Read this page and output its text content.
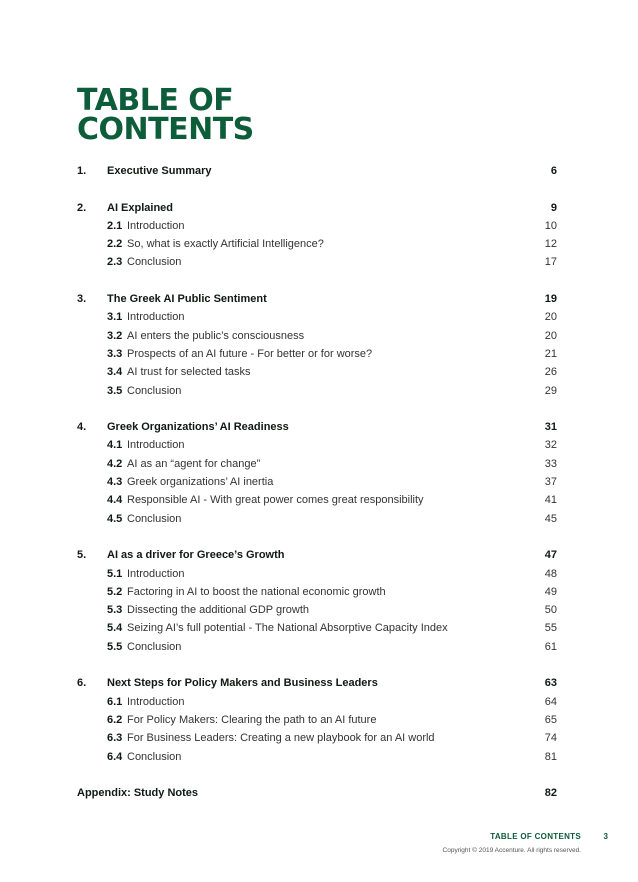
TABLE OF
CONTENTS
1. Executive Summary	6
2. AI Explained	9
2.1 Introduction	10
2.2 So, what is exactly Artificial Intelligence?	12
2.3 Conclusion	17
3. The Greek AI Public Sentiment	19
3.1 Introduction	20
3.2 AI enters the public’s consciousness	20
3.3 Prospects of an AI future - For better or for worse?	21
3.4 AI trust for selected tasks	26
3.5 Conclusion	29
4. Greek Organizations’ AI Readiness	31
4.1 Introduction	32
4.2 AI as an “agent for change”	33
4.3 Greek organizations’ AI inertia	37
4.4 Responsible AI - With great power comes great responsibility	41
4.5 Conclusion	45
5. AI as a driver for Greece’s Growth	47
5.1 Introduction	48
5.2 Factoring in AI to boost the national economic growth	49
5.3 Dissecting the additional GDP growth	50
5.4 Seizing AI’s full potential - The National Absorptive Capacity Index	55
5.5 Conclusion	61
6. Next Steps for Policy Makers and Business Leaders	63
6.1 Introduction	64
6.2 For Policy Makers: Clearing the path to an AI future	65
6.3 For Business Leaders: Creating a new playbook for an AI world	74
6.4 Conclusion	81
Appendix: Study Notes	82
TABLE OF CONTENTS	3
Copyright © 2019 Accenture. All rights reserved.
